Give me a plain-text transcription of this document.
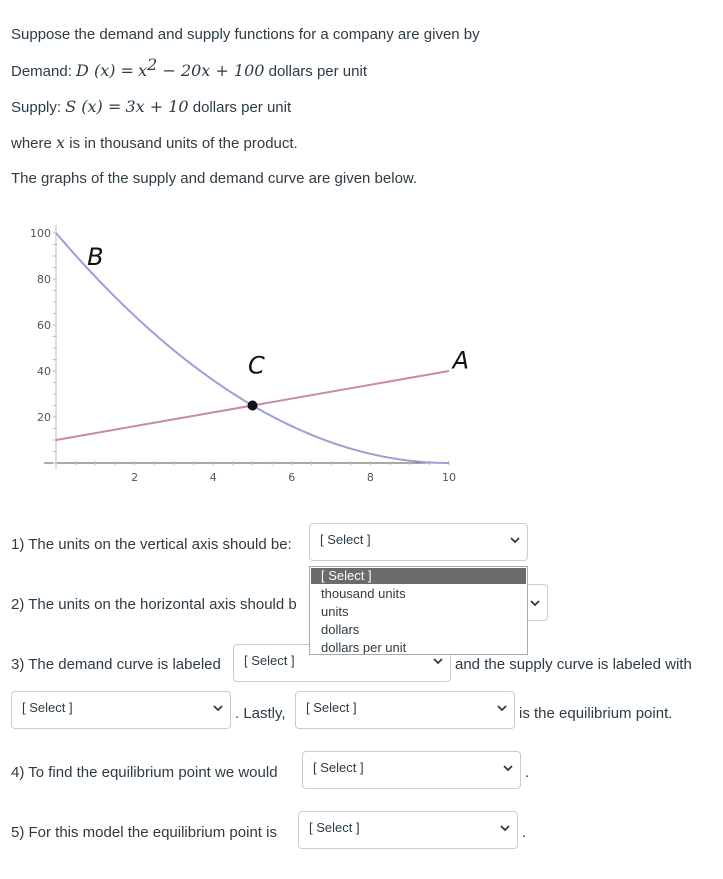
Suppose the demand and supply functions for a company are given by
Demand: D $(x) = x^2 - 20x + 100$ dollars per unit
Supply: S (x) = 3x + 10 dollars per unit
where x is in thousand units of the product.
The graphs of the supply and demand curve are given below.
2	4	6	8	10
100
80
60
40
20
B
A
C
1) The units on the vertical axis should be: [ Select ]
2) The units on the horizontal axis should b
3) The demand curve is labeled [ Select ]	and the supply curve is labeled with
[ Select ]	. Lastly, [ Select ]	is the equilibrium point.
4) To find the equilibrium point we would	[ Select ]	.
5) For this model the equilibrium point is [ Select ]	.
[ Select ]
thousand units
units
dollars
dollars per unit
